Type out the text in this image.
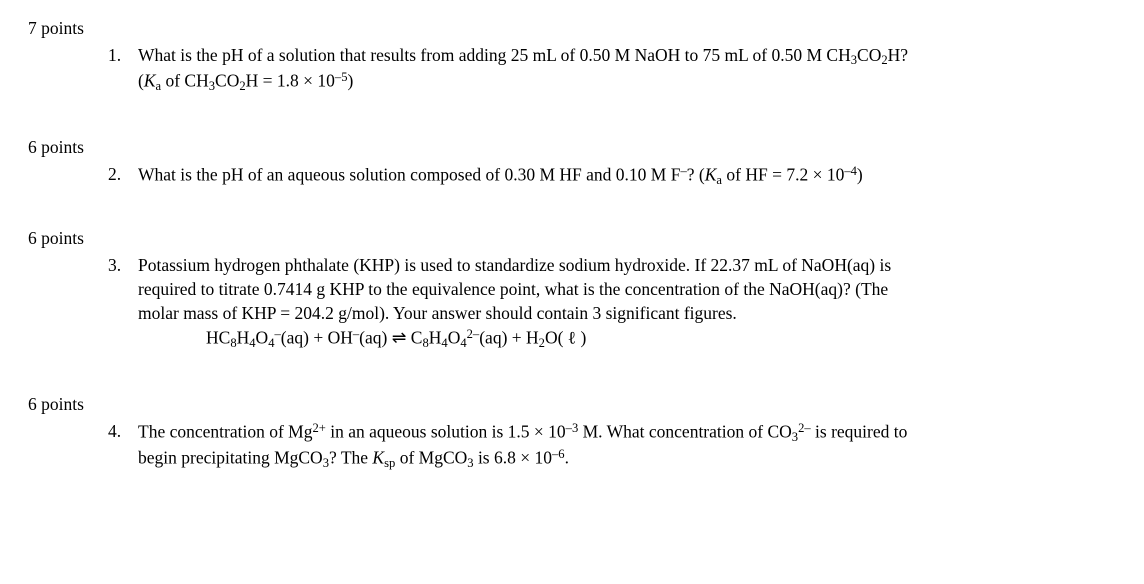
7 points
1. What is the pH of a solution that results from adding 25 mL of 0.50 M NaOH to 75 mL of 0.50 M $CH_3CO_2H$?

($K_a$ of $CH_3CO_2H = 1.8 \times 10^{-5}$)

6 points
2. What is the pH of an aqueous solution composed of 0.30 M HF and 0.10 M F–? ($K_a$ of HF = $7.2 \times 10^{-4}$)

6 points
3. Potassium hydrogen phthalate (KHP) is used to standardize sodium hydroxide. If 22.37 mL of NaOH(aq) is

required to titrate 0.7414 g KHP to the equivalence point, what is the concentration of the NaOH(aq)? (The

molar mass of KHP = 204.2 g/mol). Your answer should contain 3 significant figures.

$HC_8H_4O_4^-(aq) + OH^-(aq)$ ⇌ $C_8H_4O_4^{2-}(aq) + H_2O$( ℓ )
6 points
4. The concentration of $Mg^{2+}$ in an aqueous solution is $1.5 \times 10^{-3}$ M. What concentration of $CO_3^{2-}$ is required to

begin precipitating MgCO$_3$? The $K_{sp}$ of MgCO$_3$ is $6.8 \times 10^{-6}$.
